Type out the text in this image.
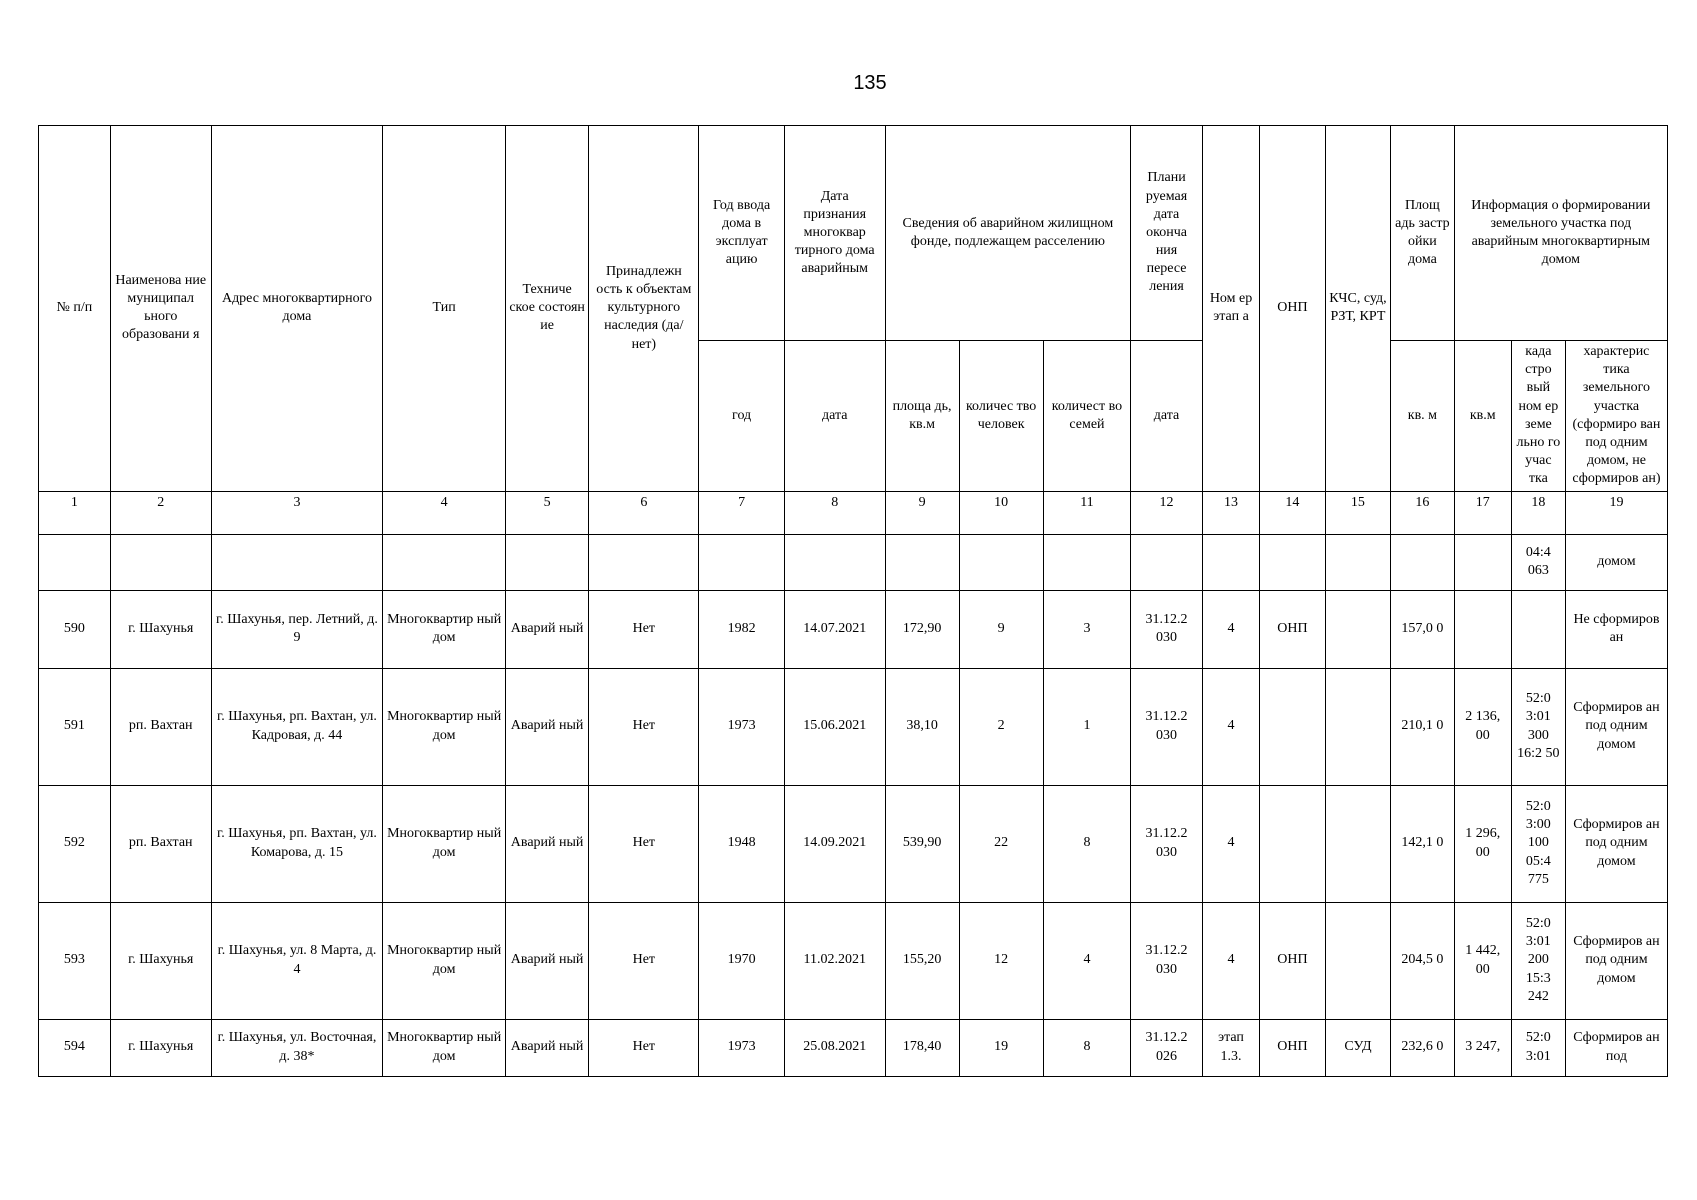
135
№ п/п	Наименова ние муниципал ьного образовани я	Адрес многоквартирного дома	Тип	Техниче ское состоян ие	Принадлежн ость к объектам культурного наследия (да/нет)	Год ввода дома в эксплуат ацию	Дата признания многоквар тирного дома аварийным	Сведения об аварийном жилищном фонде, подлежащем расселению			Плани руемая дата оконча ния пересе ления	Ном ер этап а	ОНП	КЧС, суд, РЗТ, КРТ	Площ адь застр ойки дома	Информация о формировании земельного участка под аварийным многоквартирным домом		
						год	дата	площа дь, кв.м	количес тво человек	количест во семей	дата				кв. м	кв.м	када стро вый ном ер земе льно го учас тка	характерис тика земельного участка (сформиро ван под одним домом, не сформиров ан)
1	2	3	4	5	6	7	8	9	10	11	12	13	14	15	16	17	18	19
																	04:4 063	домом
590	г. Шахунья	г. Шахунья, пер. Летний, д. 9	Многоквартир ный дом	Аварий ный	Нет	1982	14.07.2021	172,90	9	3	31.12.2 030	4	ОНП		157,0 0			Не сформиров ан
591	рп. Вахтан	г. Шахунья, рп. Вахтан, ул. Кадровая, д. 44	Многоквартир ный дом	Аварий ный	Нет	1973	15.06.2021	38,10	2	1	31.12.2 030	4			210,1 0	2 136, 00	52:0 3:01 300 16:2 50	Сформиров ан под одним домом
592	рп. Вахтан	г. Шахунья, рп. Вахтан, ул. Комарова, д. 15	Многоквартир ный дом	Аварий ный	Нет	1948	14.09.2021	539,90	22	8	31.12.2 030	4			142,1 0	1 296, 00	52:0 3:00 100 05:4 775	Сформиров ан под одним домом
593	г. Шахунья	г. Шахунья, ул. 8 Марта, д. 4	Многоквартир ный дом	Аварий ный	Нет	1970	11.02.2021	155,20	12	4	31.12.2 030	4	ОНП		204,5 0	1 442, 00	52:0 3:01 200 15:3 242	Сформиров ан под одним домом
594	г. Шахунья	г. Шахунья, ул. Восточная, д. 38*	Многоквартир ный дом	Аварий ный	Нет	1973	25.08.2021	178,40	19	8	31.12.2 026	этап 1.3.	ОНП	СУД	232,6 0	3 247,	52:0 3:01	Сформиров ан под
